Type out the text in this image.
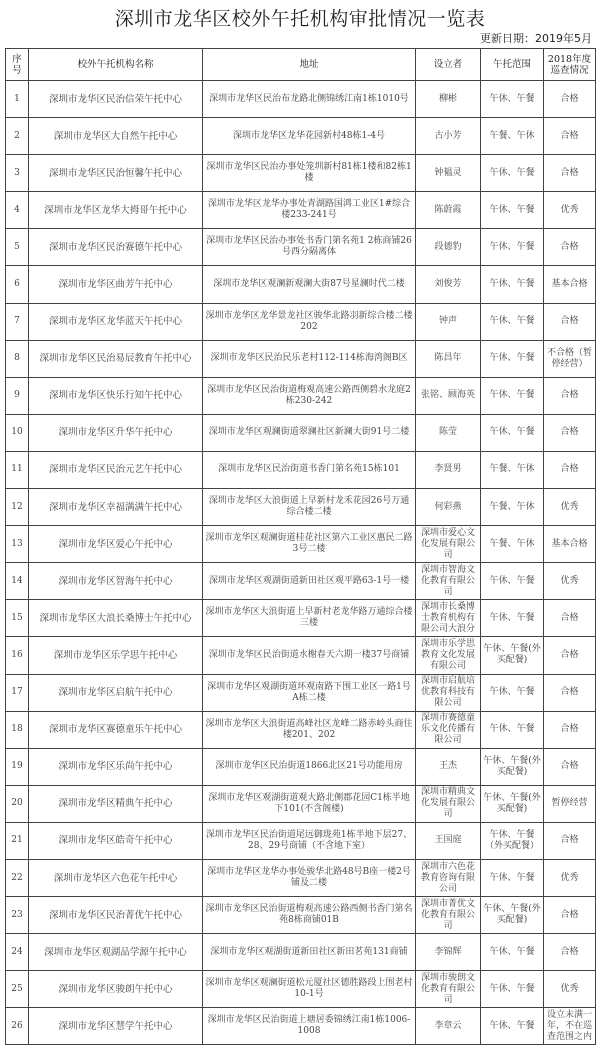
深圳市龙华区校外午托机构审批情况一览表
更新日期：2019年5月
序号	校外午托机构名称	地址	设立者	午托范围	2018年度巡查情况
1	深圳市龙华区民治信荣午托中心	深圳市龙华区民治布龙路北侧锦绣江南1栋1010号	柳彬	午休、午餐	合格
2	深圳市龙华区大自然午托中心	深圳市龙华区龙华花园新村48栋1-4号	古小芳	午餐、午休	合格
3	深圳市龙华区民治恒馨午托中心	深圳市龙华区民治办事处笼圳新村81栋1楼和82栋1楼	钟韫灵	午休、午餐	合格
4	深圳市龙华区龙华大拇哥午托中心	深圳市龙华区龙华办事处青湖路国鸿工业区1#综合楼233-241号	陈蔚霞	午休、午餐	优秀
5	深圳市龙华区民治赛德午托中心	深圳市龙华区民治办事处书香门第名苑1 2栋商铺26号西分隔离体	段德豹	午休、午餐	合格
6	深圳市龙华区曲芳午托中心	深圳市龙华区观澜新观澜大街87号星澜时代二楼	刘俊芳	午休、午餐	基本合格
7	深圳市龙华区龙华蓝天午托中心	深圳市龙华区龙华景龙社区骏华北路羽新综合楼二楼202	钟声	午休、午餐	合格
8	深圳市龙华区民治易辰教育午托中心	深圳市龙华区民治民乐老村112-114栋海湾阁B区	陈昌年	午休、午餐	不合格（暂停经营）
9	深圳市龙华区快乐行知午托中心	深圳市龙华区民治街道梅观高速公路西侧碧水龙庭2栋230-242	张铭、顾海英	午休、午餐	合格
10	深圳市龙华区升华午托中心	深圳市龙华区观澜街道翠澜社区新澜大街91号二楼	陈莹	午休、午餐	合格
11	深圳市龙华区民治元艺午托中心	深圳市龙华区民治街道书香门第名苑15栋101	李贤男	午餐、午休	合格
12	深圳市龙华区幸福满满午托中心	深圳市龙华区大浪街道上早新村龙禾花园26号万通综合楼二楼	何彩燕	午餐、午休	优秀
13	深圳市龙华区爱心午托中心	深圳市龙华区观澜街道桂花社区第六工业区惠民二路3号二楼	深圳市爱心文化发展有限公司	午餐、午休	基本合格
14	深圳市龙华区智海午托中心	深圳市龙华区观湖街道新田社区观平路63-1号一楼	深圳市智海文化教育有限公司	午休、午餐	优秀
15	深圳市龙华区大浪长桑博士午托中心	深圳市龙华区大浪街道上早新村老龙华路万通综合楼三楼	深圳市长桑博士教育机构有限公司大浪分	午休、午餐	合格
16	深圳市龙华区乐学思午托中心	深圳市龙华区民治街道水榭春天六期一楼37号商铺	深圳市乐学思教育文化发展有限公司	午休、午餐(外买配餐)	合格
17	深圳市龙华区启航午托中心	深圳市龙华区观湖街道环观南路下围工业区一路1号A栋二楼	深圳市启航培优教育科技有限公司	午休、午餐	合格
18	深圳市龙华区赛德童乐午托中心	深圳市龙华区大浪街道高峰社区龙峰二路赤岭头商住楼201、202	深圳市赛德童乐文化传播有限公司	午休、午餐	合格
19	深圳市龙华区乐尚午托中心	深圳市龙华区民治街道1866北区21号功能用房	王杰	午休、午餐(外买配餐)	合格
20	深圳市龙华区精典午托中心	深圳市龙华区观湖街道观大路北侧郡花园C1栋半地下101(不含阁楼)	深圳市精典文化发展有限公司	午休、午餐(外买配餐)	暂停经营
21	深圳市龙华区皓奇午托中心	深圳市龙华区民治街道尾远御珑苑1栋半地下层27、28、29号商铺（不含地下室）	王国庭	午休、午餐（外买配餐）	合格
22	深圳市龙华区六色花午托中心	深圳市龙华区龙华办事处骏华北路48号B座一楼2号铺及二楼	深圳市六色花教育咨询有限公司	午休、午餐	优秀
23	深圳市龙华区民治菁优午托中心	深圳市龙华区民治街道梅观高速公路西侧书香门第名苑8栋商铺01B	深圳市菁优文化教育有限公司	午休、午餐(外买配餐)	合格
24	深圳市龙华区观湖品学源午托中心	深圳市龙华区观湖街道新田社区新田茗苑131商铺	李锦辉	午休、午餐	合格
25	深圳市龙华区骏朗午托中心	深圳市龙华区观澜街道松元厦社区德胜路段上围老村10-1号	深圳市骏朗文化教育有限公司	午休、午餐	优秀
26	深圳市龙华区慧学午托中心	深圳市龙华区民治街道上塘居委锦绣江南1栋1006-1008	李章云	午休、午餐	设立未满一年，不在巡查范围之内
